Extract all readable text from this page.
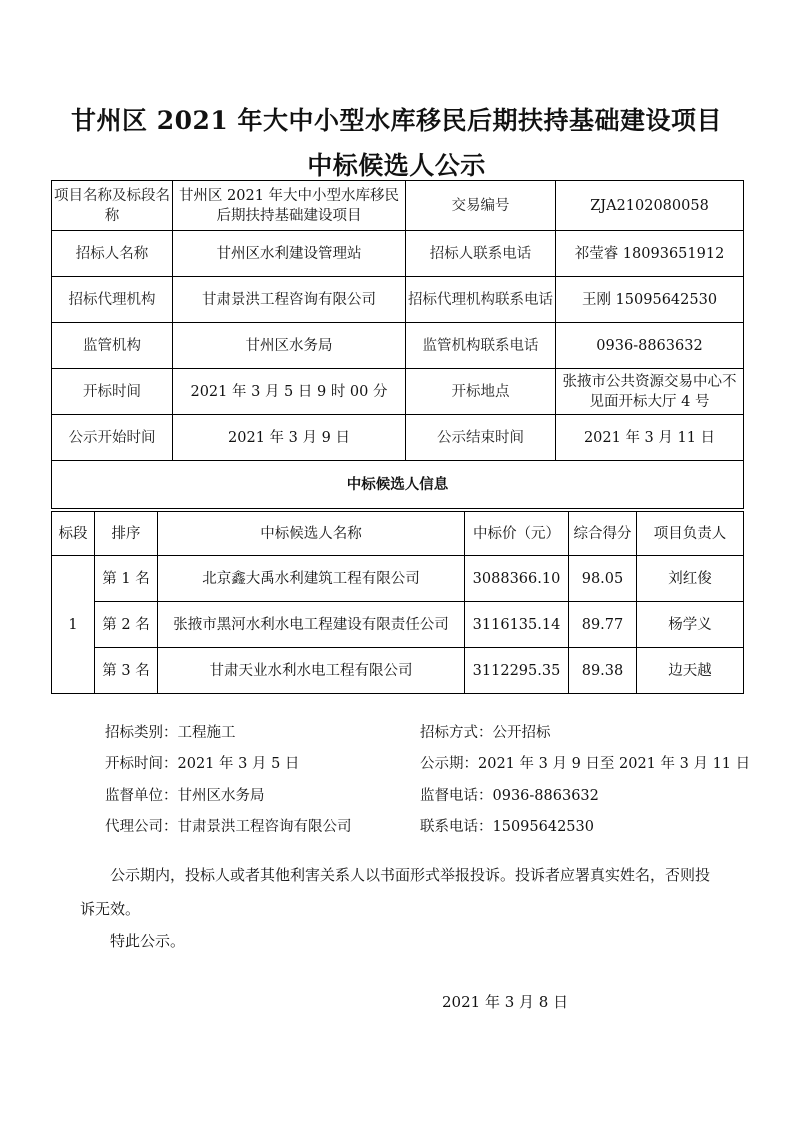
甘州区 2021 年大中小型水库移民后期扶持基础建设项目
中标候选人公示
项目名称及标段名称	甘州区 2021 年大中小型水库移民后期扶持基础建设项目	交易编号	ZJA2102080058
招标人名称	甘州区水利建设管理站	招标人联系电话	祁莹睿 18093651912
招标代理机构	甘肃景洪工程咨询有限公司	招标代理机构联系电话	王刚 15095642530
监管机构	甘州区水务局	监管机构联系电话	0936-8863632
开标时间	2021 年 3 月 5 日 9 时 00 分	开标地点	张掖市公共资源交易中心不见面开标大厅 4 号
公示开始时间	2021 年 3 月 9 日	公示结束时间	2021 年 3 月 11 日
中标候选人信息			
标段	排序	中标候选人名称	中标价（元）	综合得分	项目负责人
1	第 1 名	北京鑫大禹水利建筑工程有限公司	3088366.10	98.05	刘红俊
	第 2 名	张掖市黑河水利水电工程建设有限责任公司	3116135.14	89.77	杨学义
	第 3 名	甘肃天业水利水电工程有限公司	3112295.35	89.38	边天越
招标类别：工程施工	招标方式：公开招标
开标时间：2021 年 3 月 5 日	公示期：2021 年 3 月 9 日至 2021 年 3 月 11 日
监督单位：甘州区水务局	监督电话：0936-8863632
代理公司：甘肃景洪工程咨询有限公司	联系电话：15095642530
公示期内，投标人或者其他利害关系人以书面形式举报投诉。投诉者应署真实姓名，否则投诉无效。
特此公示。
2021 年 3 月 8 日
